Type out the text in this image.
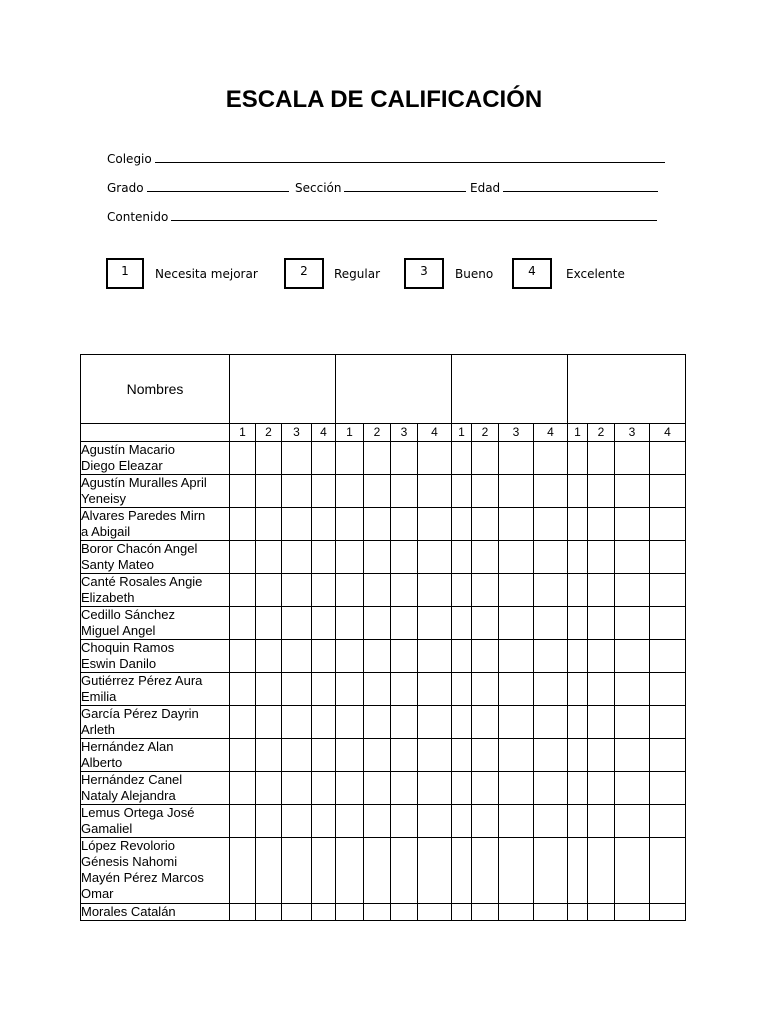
ESCALA DE CALIFICACIÓN
Colegio
Grado	Sección	Edad
Contenido
1	Necesita mejorar	2	Regular	3	Bueno	4	Excelente
Nombres																
	1	2	3	4	1	2	3	4	1	2	3	4	1	2	3	4

Agustín Macario
Diego Eleazar																

Agustín Muralles April
Yeneisy																

Alvares Paredes Mirn
a Abigail																

Boror Chacón Angel
Santy Mateo																

Canté Rosales Angie
Elizabeth																

Cedillo Sánchez
Miguel Angel																

Choquin Ramos
Eswin Danilo																

Gutiérrez Pérez Aura
Emilia																

García Pérez Dayrin
Arleth																

Hernández Alan
Alberto																

Hernández Canel
Nataly Alejandra																

Lemus Ortega José
Gamaliel																

López Revolorio
Génesis Nahomi
Mayén Pérez Marcos
Omar																

Morales Catalán																
